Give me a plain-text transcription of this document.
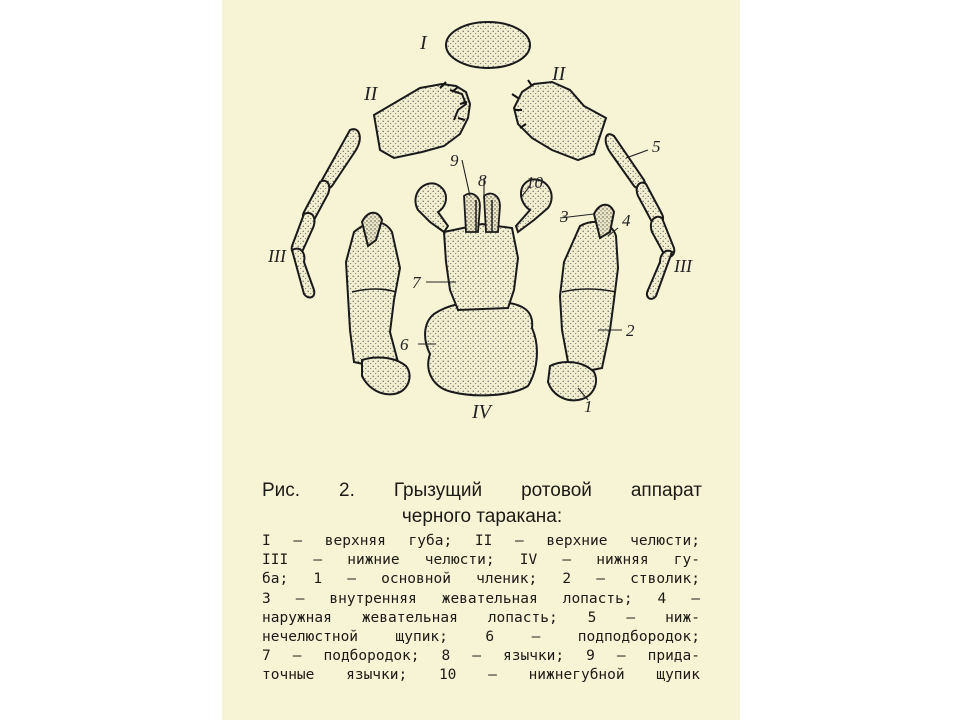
I
II
II
III	III
IV	1
2
3	4
5
6
7
8
9
10
Рис. 2. Грызущий ротовой аппарат
черного таракана:
I — верхняя губа; II — верхние челюсти;
III — нижние челюсти; IV — нижняя гу-
ба; 1 — основной членик; 2 — стволик;
3 — внутренняя жевательная лопасть; 4 —
наружная жевательная лопасть; 5 — ниж-
нечелюстной щупик; 6 — подподбородок;
7 — подбородок; 8 — язычки; 9 — прида-
точные язычки; 10 — нижнегубной щупик
